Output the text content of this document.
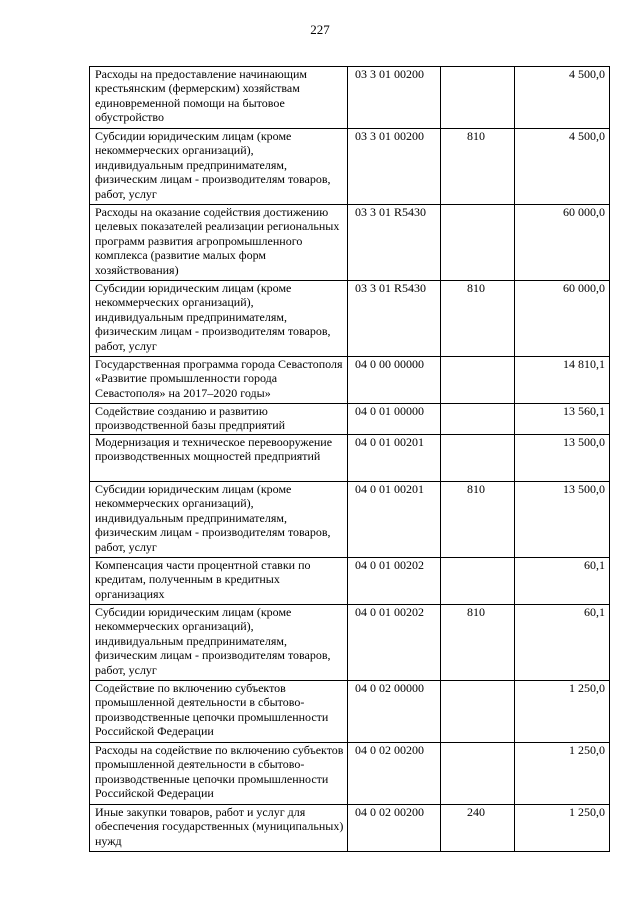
227
Расходы на предоставление начинающим крестьянским (фермерским) хозяйствам единовременной помощи на бытовое обустройство	03 3 01 00200		4 500,0
Субсидии юридическим лицам (кроме некоммерческих организаций), индивидуальным предпринимателям, физическим лицам - производителям товаров, работ, услуг	03 3 01 00200	810	4 500,0
Расходы на оказание содействия достижению целевых показателей реализации региональных программ развития агропромышленного комплекса (развитие малых форм хозяйствования)	03 3 01 R5430		60 000,0
Субсидии юридическим лицам (кроме некоммерческих организаций), индивидуальным предпринимателям, физическим лицам - производителям товаров, работ, услуг	03 3 01 R5430	810	60 000,0
Государственная программа города Севастополя «Развитие промышленности города Севастополя» на 2017–2020 годы»	04 0 00 00000		14 810,1
Содействие созданию и развитию производственной базы предприятий	04 0 01 00000		13 560,1
Модернизация и техническое перевооружение производственных мощностей предприятий	04 0 01 00201		13 500,0
Субсидии юридическим лицам (кроме некоммерческих организаций), индивидуальным предпринимателям, физическим лицам - производителям товаров, работ, услуг	04 0 01 00201	810	13 500,0
Компенсация части процентной ставки по кредитам, полученным в кредитных организациях	04 0 01 00202		60,1
Субсидии юридическим лицам (кроме некоммерческих организаций), индивидуальным предпринимателям, физическим лицам - производителям товаров, работ, услуг	04 0 01 00202	810	60,1
Содействие по включению субъектов промышленной деятельности в сбытово-производственные цепочки промышленности Российской Федерации	04 0 02 00000		1 250,0
Расходы на содействие по включению субъектов промышленной деятельности в сбытово-производственные цепочки промышленности Российской Федерации	04 0 02 00200		1 250,0
Иные закупки товаров, работ и услуг для обеспечения государственных (муниципальных) нужд	04 0 02 00200	240	1 250,0
